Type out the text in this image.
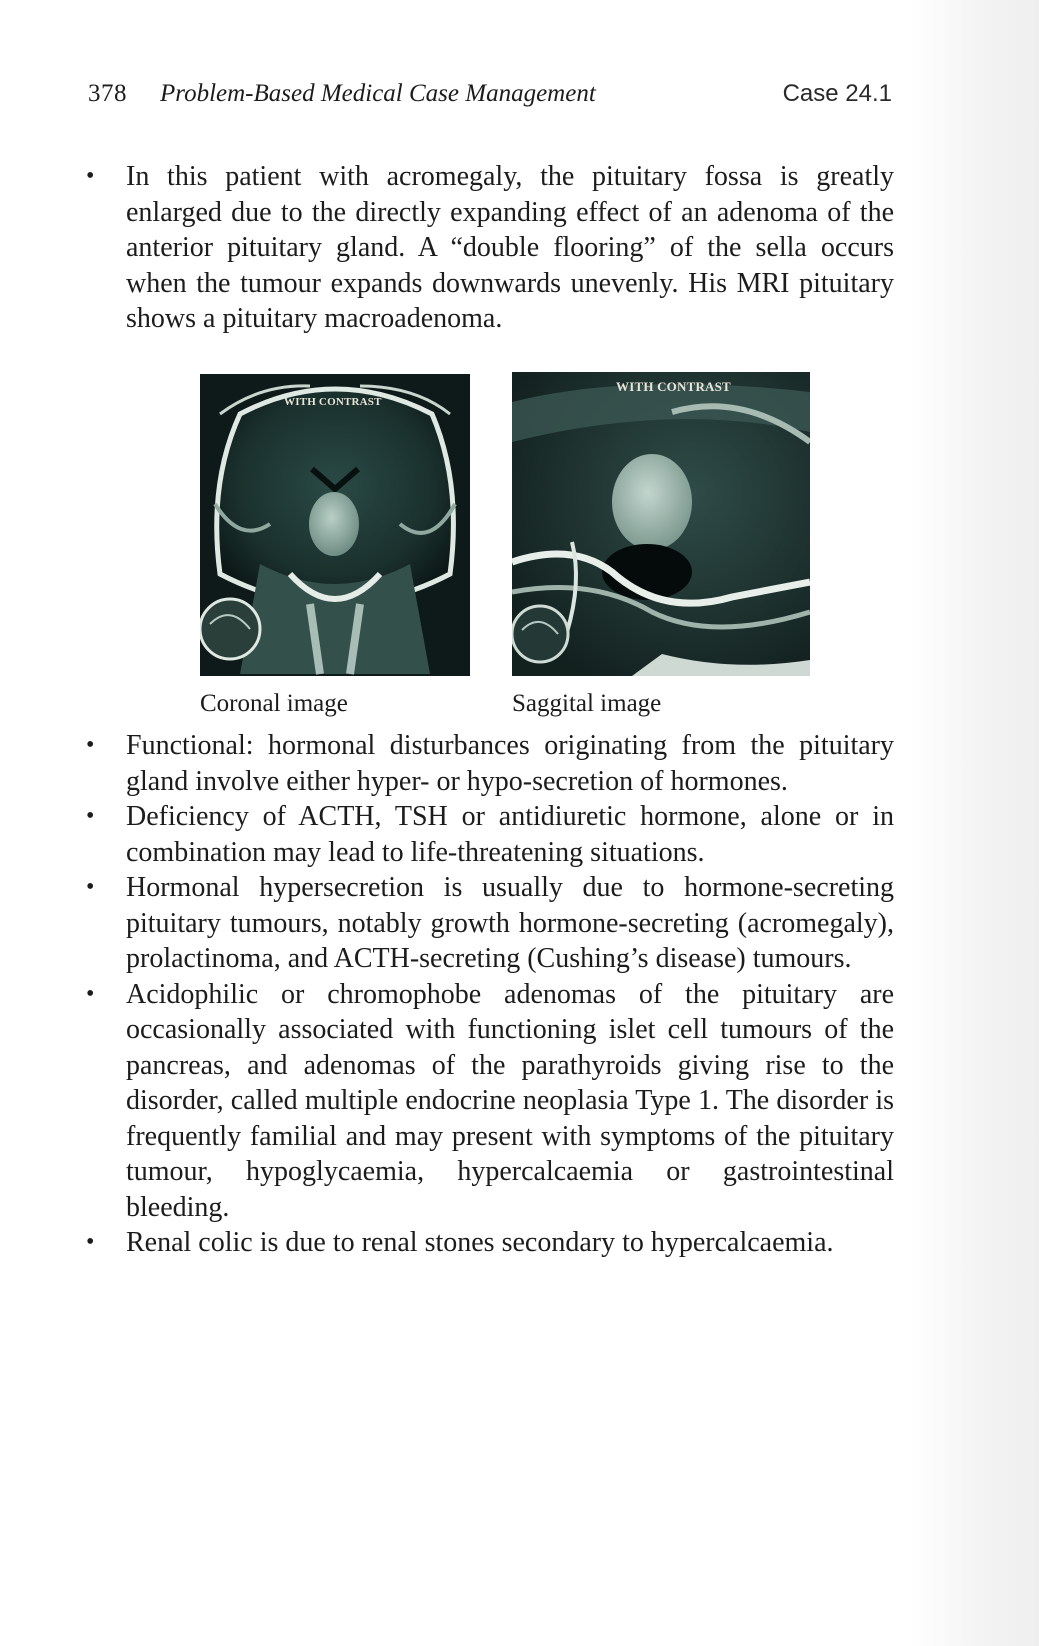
378 Problem-Based Medical Case Management	Case 24.1
•	In this patient with acromegaly, the pituitary fossa is greatly enlarged due to the directly expanding effect of an adenoma of the anterior pituitary gland. A “double flooring” of the sella occurs when the tumour expands downwards unevenly. His MRI pituitary shows a pituitary macroadenoma.
WITH CONTRAST
Coronal image
WITH CONTRAST
Saggital image
•	Functional: hormonal disturbances originating from the pituitary gland involve either hyper- or hypo-secretion of hormones.
•	Deficiency of ACTH, TSH or antidiuretic hormone, alone or in combination may lead to life-threatening situations.
•	Hormonal hypersecretion is usually due to hormone-secreting pituitary tumours, notably growth hormone-secreting (acromegaly), prolactinoma, and ACTH-secreting (Cushing’s disease) tumours.
•	Acidophilic or chromophobe adenomas of the pituitary are occasionally associated with functioning islet cell tumours of the pancreas, and adenomas of the parathyroids giving rise to the disorder, called multiple endocrine neoplasia Type 1. The disorder is frequently familial and may present with symptoms of the pituitary tumour, hypoglycaemia, hypercalcaemia or gastrointestinal bleeding.
•	Renal colic is due to renal stones secondary to hypercalcaemia.
